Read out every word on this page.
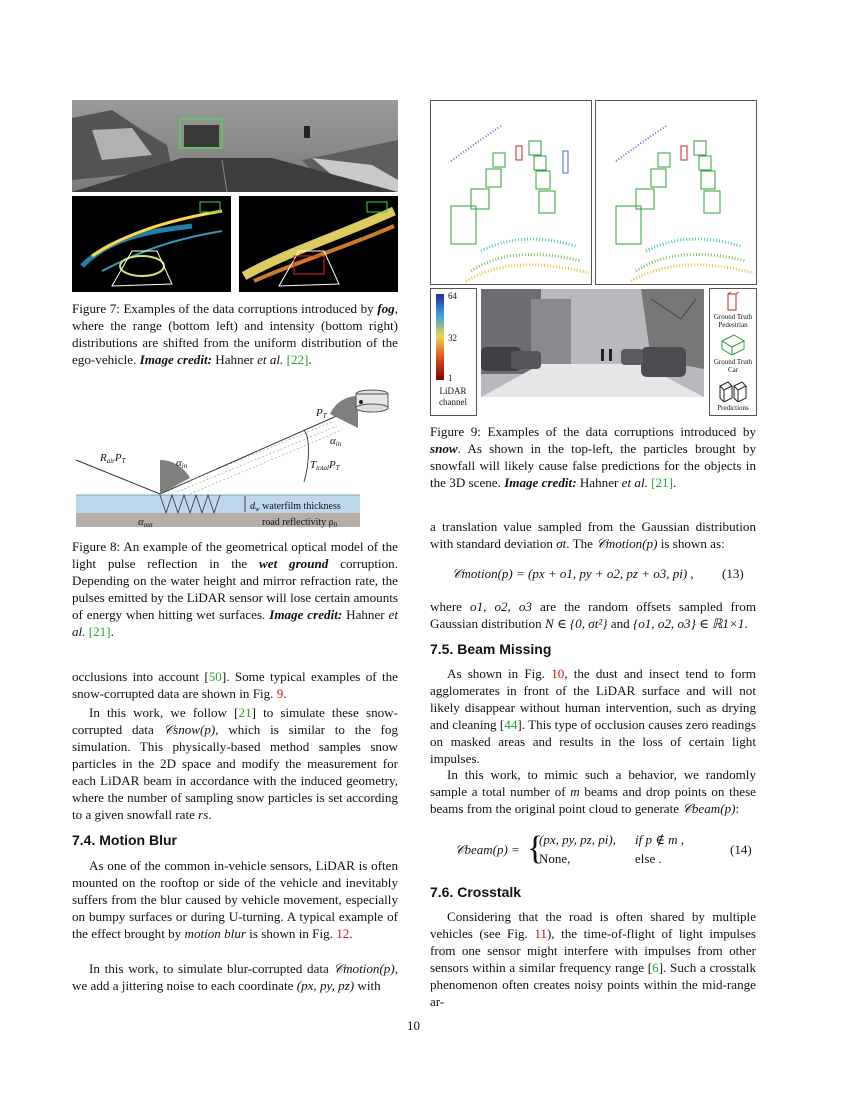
Figure 7: Examples of the data corruptions introduced by fog, where the range (bottom left) and intensity (bottom right) distributions are shifted from the uniform distribution of the ego-vehicle. Image credit: Hahner et al. [22].
RairPT	αin
PT
αin
TtotalPT
$d_w$ waterfilm thickness
road reflectivity $\rho_0$
αout
Figure 8: An example of the geometrical optical model of the light pulse reflection in the wet ground corruption. Depending on the water height and mirror refraction rate, the pulses emitted by the LiDAR sensor will lose certain amounts of energy when hitting wet surfaces. Image credit: Hahner et al. [21].
occlusions into account [50]. Some typical examples of the snow-corrupted data are shown in Fig. 9.
In this work, we follow [21] to simulate these snow-corrupted data 𝒞snow(p), which is similar to the fog simulation. This physically-based method samples snow particles in the 2D space and modify the measurement for each LiDAR beam in accordance with the induced geometry, where the number of sampling snow particles is set according to a given snowfall rate rs.
7.4. Motion Blur
As one of the common in-vehicle sensors, LiDAR is often mounted on the rooftop or side of the vehicle and inevitably suffers from the blur caused by vehicle movement, especially on bumpy surfaces or during U-turning. A typical example of the effect brought by motion blur is shown in Fig. 12.
In this work, to simulate blur-corrupted data 𝒞motion(p), we add a jittering noise to each coordinate (px, py, pz) with
64
32
1
LiDAR
channel
Ground Truth
Pedestrian
Ground Truth
Car
Predictions
Figure 9: Examples of the data corruptions introduced by snow. As shown in the top-left, the particles brought by snowfall will likely cause false predictions for the objects in the 3D scene. Image credit: Hahner et al. [21].
a translation value sampled from the Gaussian distribution with standard deviation σt. The 𝒞motion(p) is shown as:
𝒞motion(p) = (px + o1, py + o2, pz + o3, pi) ,	(13)
where o1, o2, o3 are the random offsets sampled from Gaussian distribution N ∈ {0, σt²} and {o1, o2, o3} ∈ ℝ1×1.
7.5. Beam Missing
As shown in Fig. 10, the dust and insect tend to form agglomerates in front of the LiDAR surface and will not likely disappear without human intervention, such as drying and cleaning [44]. This type of occlusion causes zero readings on masked areas and results in the loss of certain light impulses.
In this work, to mimic such a behavior, we randomly sample a total number of m beams and drop points on these beams from the original point cloud to generate 𝒞beam(p):
𝒞beam(p) = {
(px, py, pz, pi), if p ∉ m ,
None,	else .
(14)
7.6. Crosstalk
Considering that the road is often shared by multiple vehicles (see Fig. 11), the time-of-flight of light impulses from one sensor might interfere with impulses from other sensors within a similar frequency range [6]. Such a crosstalk phenomenon often creates noisy points within the mid-range ar-
10
